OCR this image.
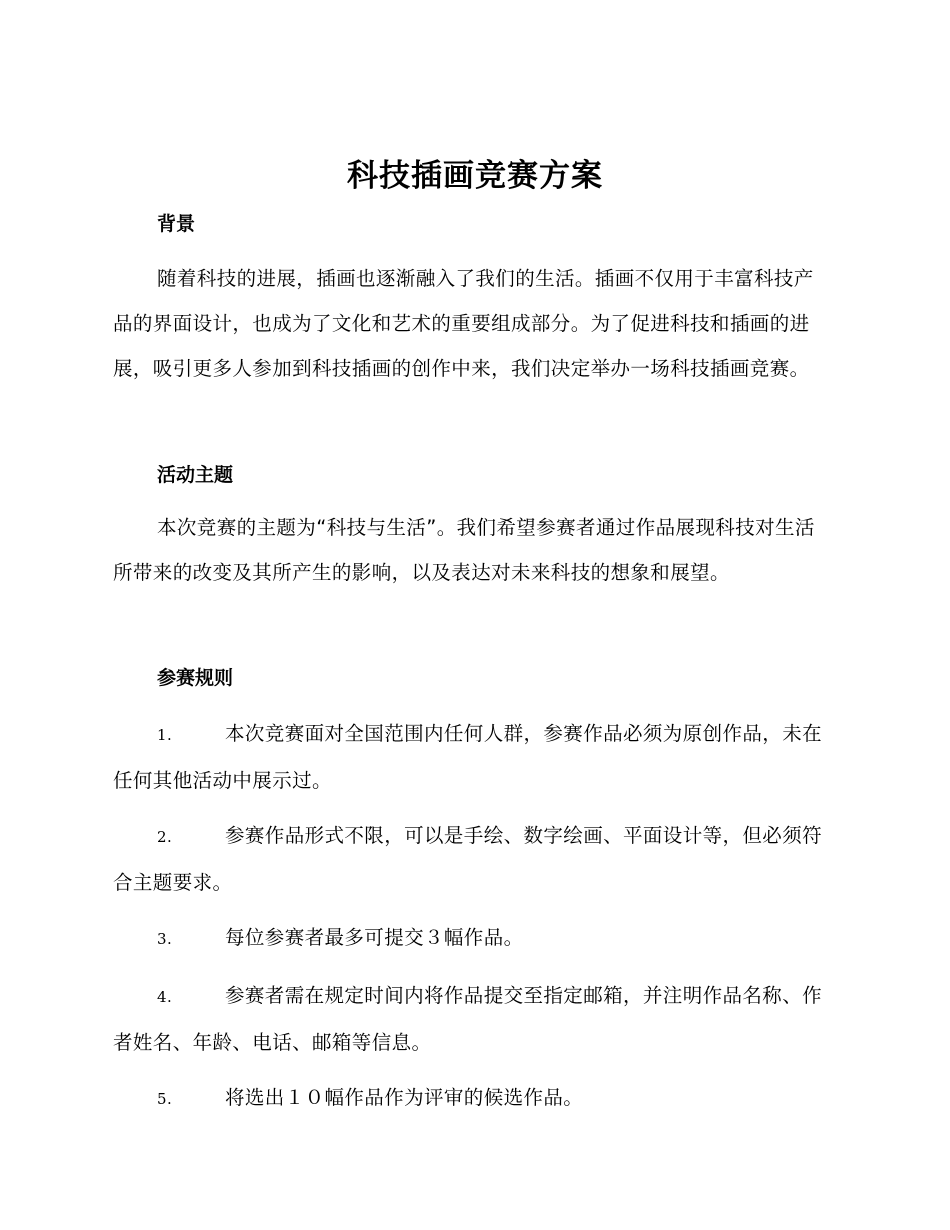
科技插画竞赛方案
背景
随着科技的进展，插画也逐渐融入了我们的生活。插画不仅用于丰富科技产品的界面设计，也成为了文化和艺术的重要组成部分。为了促进科技和插画的进展，吸引更多人参加到科技插画的创作中来，我们决定举办一场科技插画竞赛。
活动主题
本次竞赛的主题为“科技与生活”。我们希望参赛者通过作品展现科技对生活所带来的改变及其所产生的影响，以及表达对未来科技的想象和展望。
参赛规则
1.	本次竞赛面对全国范围内任何人群，参赛作品必须为原创作品，未在任何其他活动中展示过。
2.	参赛作品形式不限，可以是手绘、数字绘画、平面设计等，但必须符合主题要求。
3.	每位参赛者最多可提交３幅作品。
4.	参赛者需在规定时间内将作品提交至指定邮箱，并注明作品名称、作者姓名、年龄、电话、邮箱等信息。
5.	将选出１０幅作品作为评审的候选作品。
